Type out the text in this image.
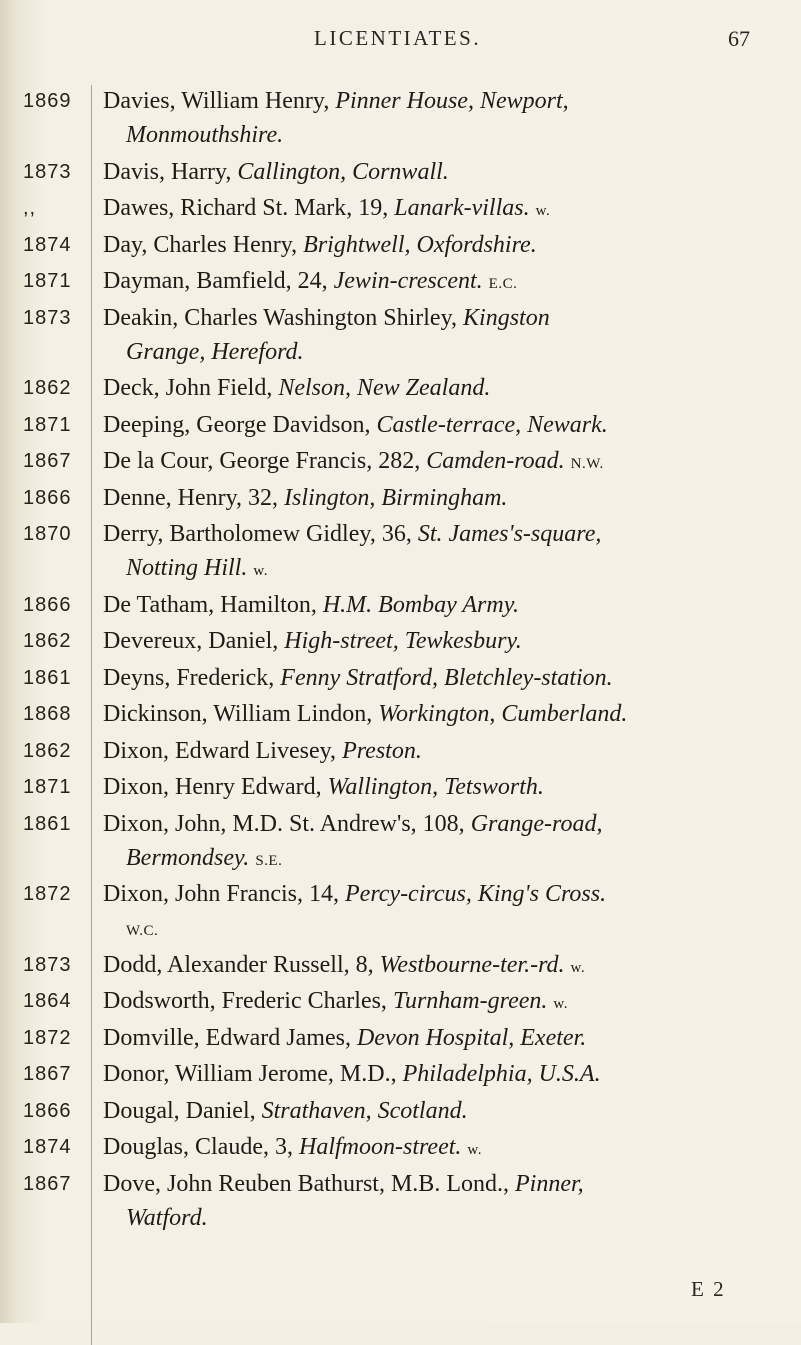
LICENTIATES.	67
1869 Davies, William Henry, Pinner House, Newport,
Monmouthshire.
1873 Davis, Harry, Callington, Cornwall.
,,	Dawes, Richard St. Mark, 19, Lanark-villas. w.
1874 Day, Charles Henry, Brightwell, Oxfordshire.
1871 Dayman, Bamfield, 24, Jewin-crescent. E.C.
1873 Deakin, Charles Washington Shirley, Kingston
Grange, Hereford.
1862 Deck, John Field, Nelson, New Zealand.
1871 Deeping, George Davidson, Castle-terrace, Newark.
1867 De la Cour, George Francis, 282, Camden-road. N.W.
1866 Denne, Henry, 32, Islington, Birmingham.
1870 Derry, Bartholomew Gidley, 36, St. James's-square,
Notting Hill. w.
1866 De Tatham, Hamilton, H.M. Bombay Army.
1862 Devereux, Daniel, High-street, Tewkesbury.
1861 Deyns, Frederick, Fenny Stratford, Bletchley-station.
1868 Dickinson, William Lindon, Workington, Cumberland.
1862 Dixon, Edward Livesey, Preston.
1871 Dixon, Henry Edward, Wallington, Tetsworth.
1861 Dixon, John, M.D. St. Andrew's, 108, Grange-road,
Bermondsey. S.E.
1872 Dixon, John Francis, 14, Percy-circus, King's Cross.
W.C.
1873 Dodd, Alexander Russell, 8, Westbourne-ter.-rd. w.
1864 Dodsworth, Frederic Charles, Turnham-green. w.
1872 Domville, Edward James, Devon Hospital, Exeter.
1867 Donor, William Jerome, M.D., Philadelphia, U.S.A.
1866 Dougal, Daniel, Strathaven, Scotland.
1874 Douglas, Claude, 3, Halfmoon-street. w.
1867 Dove, John Reuben Bathurst, M.B. Lond., Pinner,
Watford.
E 2
